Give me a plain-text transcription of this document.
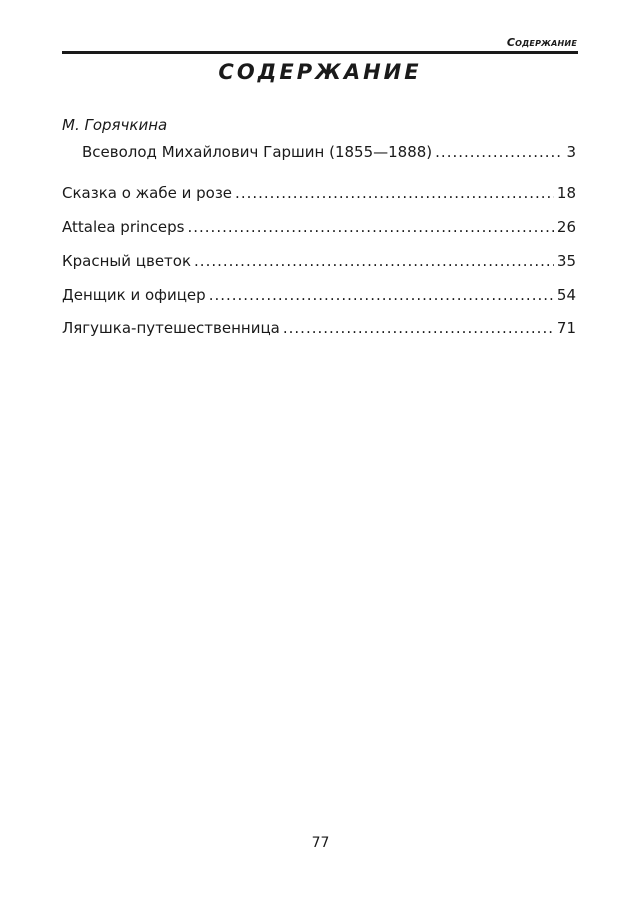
Содержание
СОДЕРЖАНИЕ
М. Горячкина
Всеволод Михайлович Гаршин (1855—1888) .....	3
Сказка о жабе и розе .....	18
Attalea princeps .....	26
Красный цветок .....	35
Денщик и офицер .....	54
Лягушка-путешественница .....	71
77
